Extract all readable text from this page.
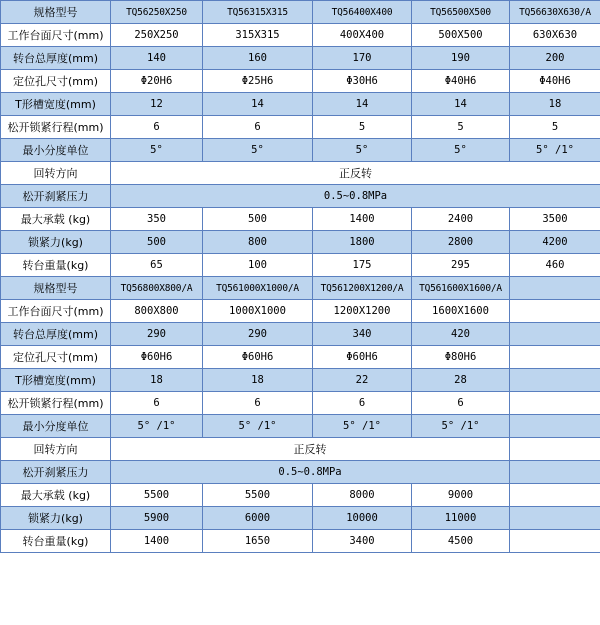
规格型号	TQ56250X250	TQ56315X315	TQ56400X400	TQ56500X500	TQ56630X630/A
工作台面尺寸(mm)	250X250	315X315	400X400	500X500	630X630
转台总厚度(mm)	140	160	170	190	200
定位孔尺寸(mm)	Φ20H6	Φ25H6	Φ30H6	Φ40H6	Φ40H6
T形槽宽度(mm)	12	14	14	14	18
松开锁紧行程(mm)	6	6	5	5	5
最小分度单位	5°	5°	5°	5°	5° /1°
回转方向	正反转				
松开刹紧压力	0.5~0.8MPa				
最大承载 (kg)	350	500	1400	2400	3500
锁紧力(kg)	500	800	1800	2800	4200
转台重量(kg)	65	100	175	295	460
规格型号	TQ56800X800/A	TQ561000X1000/A	TQ561200X1200/A	TQ561600X1600/A	
工作台面尺寸(mm)	800X800	1000X1000	1200X1200	1600X1600	
转台总厚度(mm)	290	290	340	420	
定位孔尺寸(mm)	Φ60H6	Φ60H6	Φ60H6	Φ80H6	
T形槽宽度(mm)	18	18	22	28	
松开锁紧行程(mm)	6	6	6	6	
最小分度单位	5° /1°	5° /1°	5° /1°	5° /1°	
回转方向	正反转				
松开刹紧压力	0.5~0.8MPa				
最大承载 (kg)	5500	5500	8000	9000	
锁紧力(kg)	5900	6000	10000	11000	
转台重量(kg)	1400	1650	3400	4500	
